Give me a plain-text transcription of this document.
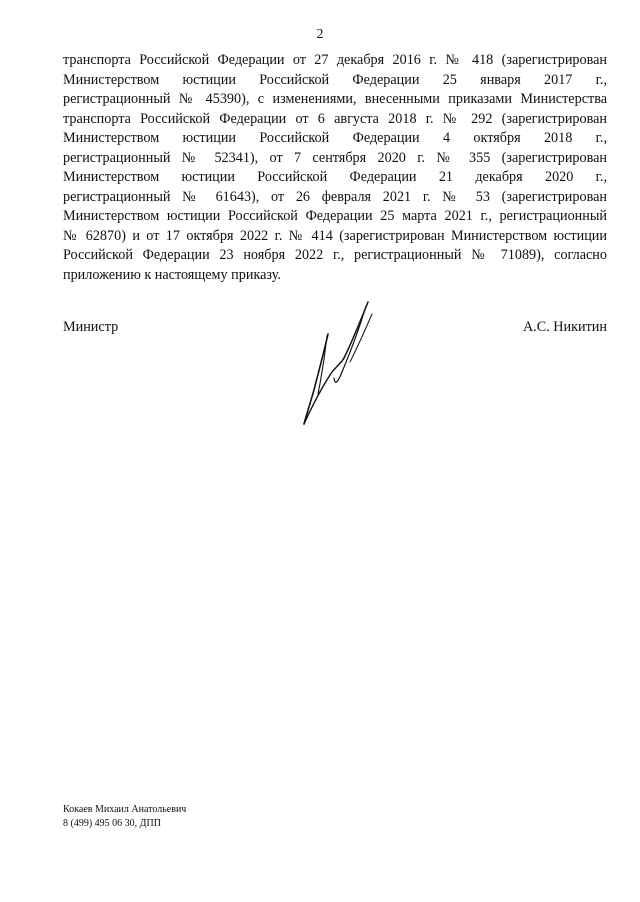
2
транспорта Российской Федерации от 27 декабря 2016 г. № 418 (зарегистрирован
Министерством юстиции Российской Федерации 25 января 2017 г.,
регистрационный № 45390), с изменениями, внесенными приказами Министерства
транспорта Российской Федерации от 6 августа 2018 г. № 292 (зарегистрирован
Министерством юстиции Российской Федерации 4 октября 2018 г.,
регистрационный № 52341), от 7 сентября 2020 г. № 355 (зарегистрирован
Министерством юстиции Российской Федерации 21 декабря 2020 г.,
регистрационный № 61643), от 26 февраля 2021 г. № 53 (зарегистрирован
Министерством юстиции Российской Федерации 25 марта 2021 г., регистрационный
№ 62870) и от 17 октября 2022 г. № 414 (зарегистрирован Министерством юстиции
Российской Федерации 23 ноября 2022 г., регистрационный № 71089), согласно
приложению к настоящему приказу.
Министр	А.С. Никитин
Кокаев Михаил Анатольевич
8 (499) 495 06 30, ДПП
